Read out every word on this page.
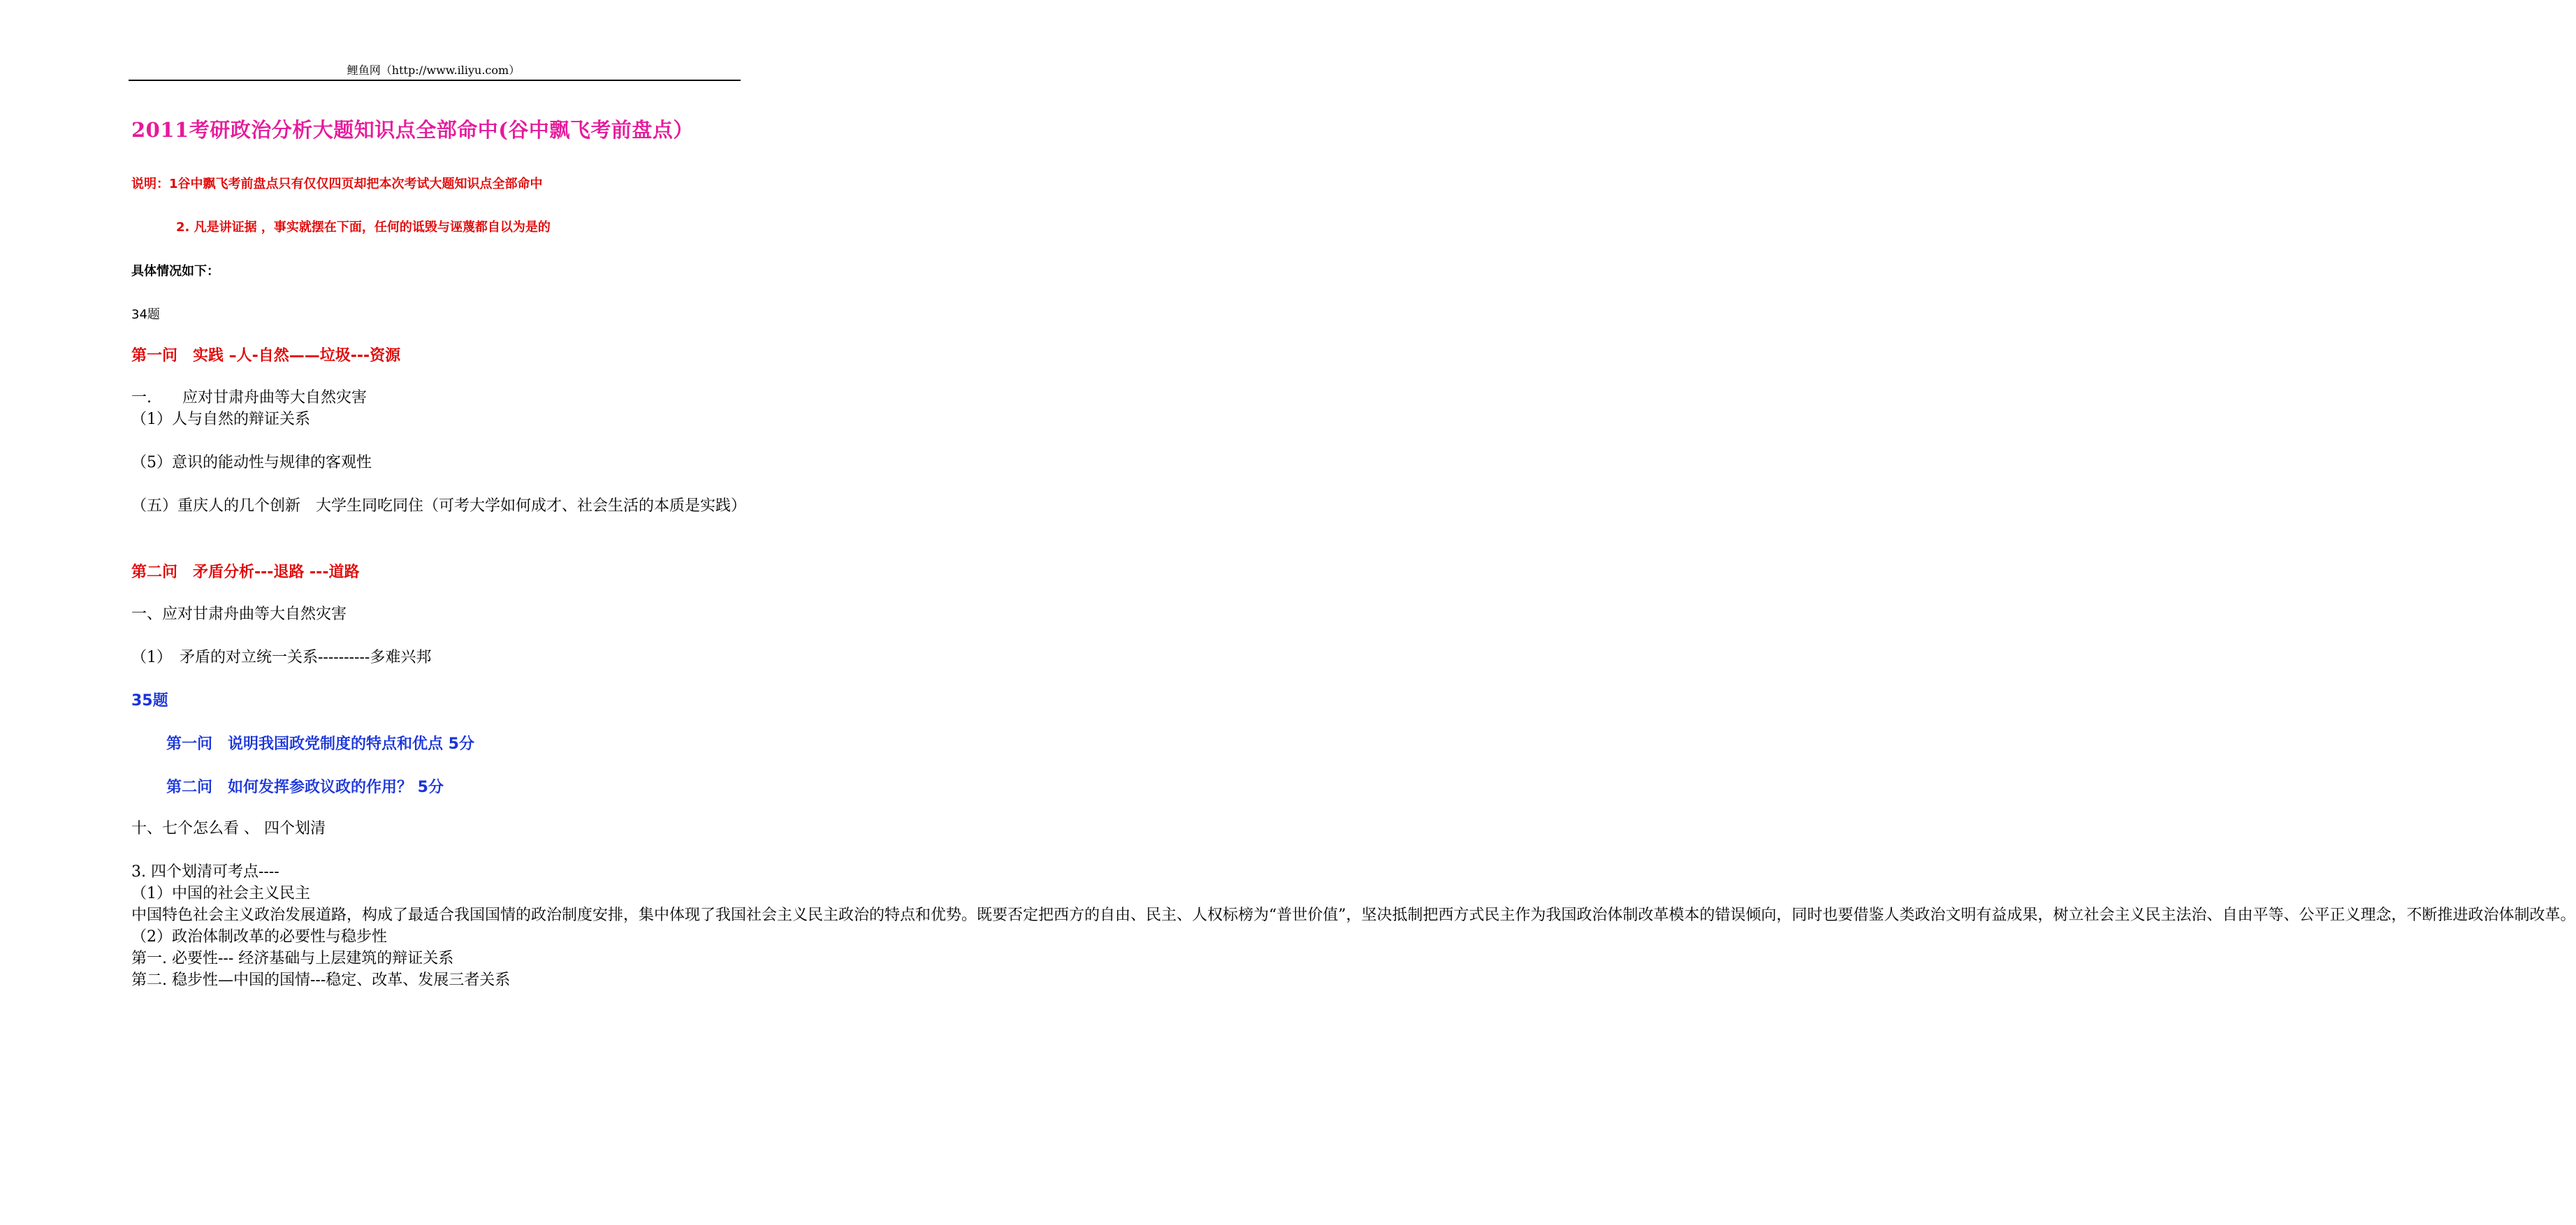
鲤鱼网（http://www.iliyu.com）
2011考研政治分析大题知识点全部命中(谷中飘飞考前盘点）
说明：1谷中飘飞考前盘点只有仅仅四页却把本次考试大题知识点全部命中
2. 凡是讲证据 ，事实就摆在下面，任何的诋毁与诬蔑都自以为是的
具体情况如下：
34题
第一问　实践 –人-自然——垃圾---资源
一.　　应对甘肃舟曲等大自然灾害
（1）人与自然的辩证关系
（5）意识的能动性与规律的客观性
（五）重庆人的几个创新　大学生同吃同住（可考大学如何成才、社会生活的本质是实践）
第二问　矛盾分析---退路 ---道路
一、应对甘肃舟曲等大自然灾害
（1）　矛盾的对立统一关系----------多难兴邦
35题
第一问　说明我国政党制度的特点和优点 5分
第二问　如何发挥参政议政的作用？ 5分
十、七个怎么看 、 四个划清
3. 四个划清可考点----
（1）中国的社会主义民主
中国特色社会主义政治发展道路，构成了最适合我国国情的政治制度安排，集中体现了我国社会主义民主政治的特点和优势。既要否定把西方的自由、民主、人权标榜为“普世价值”，坚决抵制把西方式民主作为我国政治体制改革模本的错误倾向，同时也要借鉴人类政治文明有益成果，树立社会主义民主法治、自由平等、公平正义理念，不断推进政治体制改革。
（2）政治体制改革的必要性与稳步性
第一. 必要性--- 经济基础与上层建筑的辩证关系
第二. 稳步性—中国的国情---稳定、改革、发展三者关系
